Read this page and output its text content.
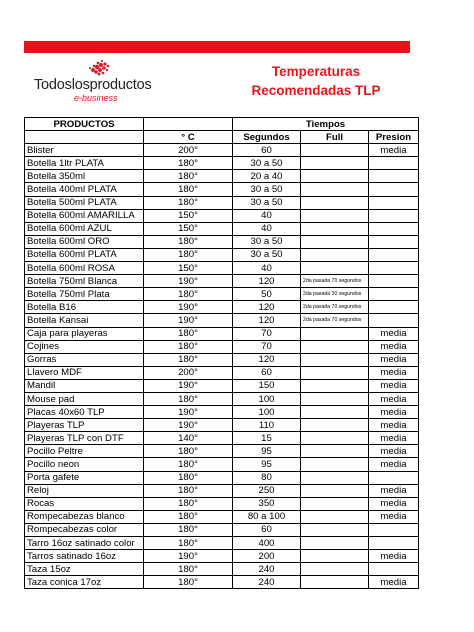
Todoslosproductos
e-business
Temperaturas
Recomendadas TLP
PRODUCTOS		Tiempos		
	° C	Segundos	Full	Presion
Blister	200°	60		media
Botella 1ltr PLATA	180°	30 a 50		
Botella 350ml	180°	20 a 40		
Botella 400ml PLATA	180°	30 a 50		
Botella 500ml PLATA	180°	30 a 50		
Botella 600ml AMARILLA	150°	40		
Botella 600ml AZUL	150°	40		
Botella 600ml ORO	180°	30 a 50		
Botella 600ml PLATA	180°	30 a 50		
Botella 600ml ROSA	150°	40		
Botella 750ml Blanca	190°	120	2da pasada 70 segundos	
Botella 750ml Plata	180°	50	2da pasada 30 segundos	
Botella B16	190°	120	2da pasada 70 segundos	
Botella Kansai	190°	120	2da pasada 70 segundos	
Caja para playeras	180°	70		media
Cojines	180°	70		media
Gorras	180°	120		media
Llavero MDF	200°	60		media
Mandil	190°	150		media
Mouse pad	180°	100		media
Placas 40x60 TLP	190°	100		media
Playeras TLP	190°	110		media
Playeras TLP con DTF	140°	15		media
Pocillo Peltre	180°	95		media
Pocillo neon	180°	95		media
Porta gafete	180°	80		
Reloj	180°	250		media
Rocas	180°	350		media
Rompecabezas blanco	180°	80 a 100		media
Rompecabezas color	180°	60		
Tarro 16oz satinado color	180°	400		
Tarros satinado 16oz	190°	200		media
Taza 15oz	180°	240		
Taza conica 17oz	180°	240		media
